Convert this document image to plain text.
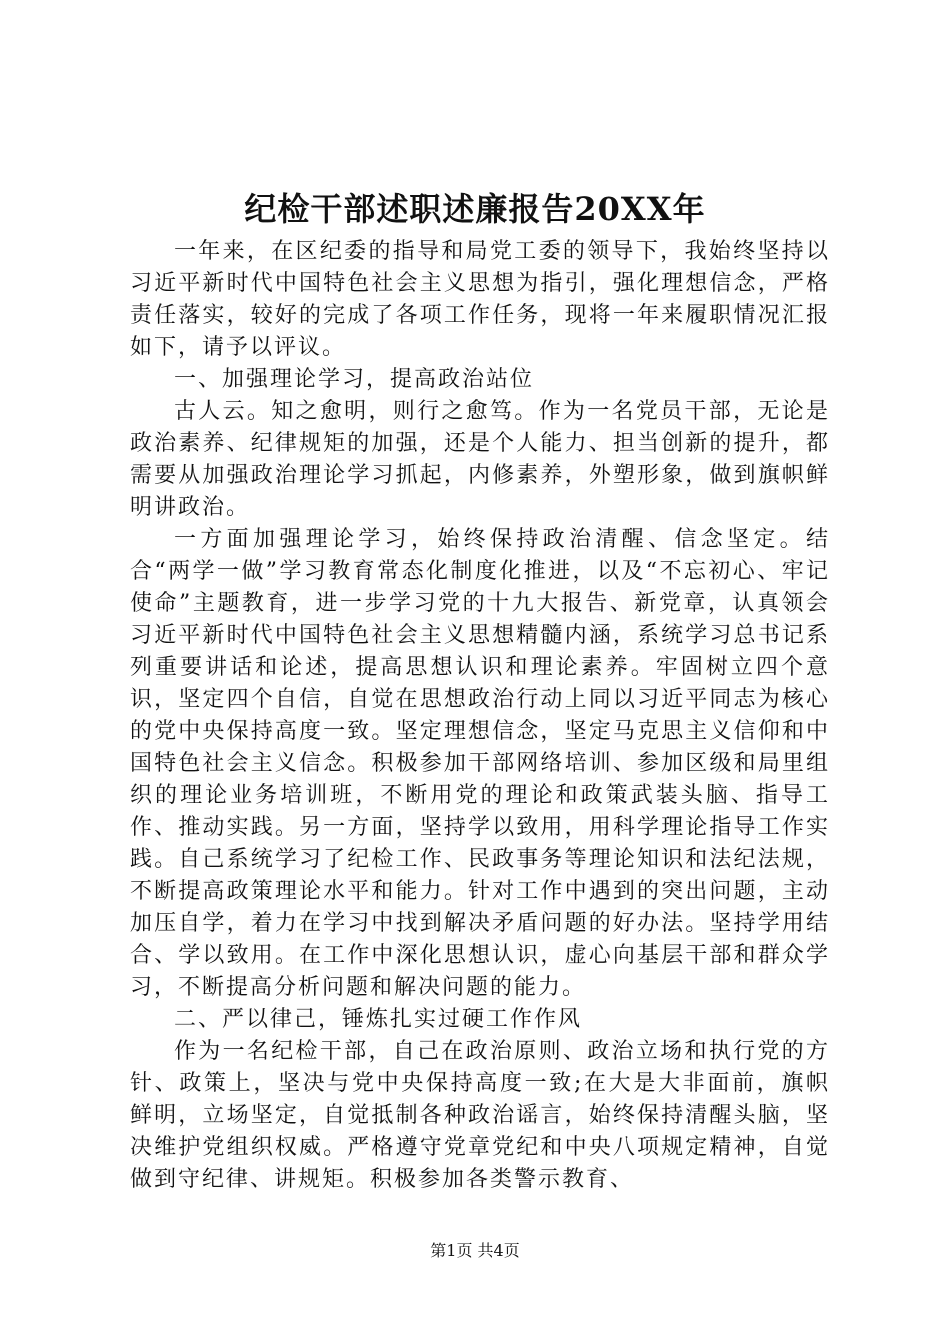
纪检干部述职述廉报告20XX年

一年来，在区纪委的指导和局党工委的领导下，我始终坚持以习近平新时代中国特色社会主义思想为指引，强化理想信念，严格责任落实，较好的完成了各项工作任务，现将一年来履职情况汇报如下，请予以评议。

一、加强理论学习，提高政治站位

古人云。知之愈明，则行之愈笃。作为一名党员干部，无论是政治素养、纪律规矩的加强，还是个人能力、担当创新的提升，都需要从加强政治理论学习抓起，内修素养，外塑形象，做到旗帜鲜明讲政治。

一方面加强理论学习，始终保持政治清醒、信念坚定。结合“两学一做”学习教育常态化制度化推进，以及“不忘初心、牢记使命”主题教育，进一步学习党的十九大报告、新党章，认真领会习近平新时代中国特色社会主义思想精髓内涵，系统学习总书记系列重要讲话和论述，提高思想认识和理论素养。牢固树立四个意识，坚定四个自信，自觉在思想政治行动上同以习近平同志为核心的党中央保持高度一致。坚定理想信念，坚定马克思主义信仰和中国特色社会主义信念。积极参加干部网络培训、参加区级和局里组织的理论业务培训班，不断用党的理论和政策武装头脑、指导工作、推动实践。另一方面，坚持学以致用，用科学理论指导工作实践。自己系统学习了纪检工作、民政事务等理论知识和法纪法规，不断提高政策理论水平和能力。针对工作中遇到的突出问题，主动加压自学，着力在学习中找到解决矛盾问题的好办法。坚持学用结合、学以致用。在工作中深化思想认识，虚心向基层干部和群众学习，不断提高分析问题和解决问题的能力。

二、严以律己，锤炼扎实过硬工作作风

作为一名纪检干部，自己在政治原则、政治立场和执行党的方针、政策上，坚决与党中央保持高度一致;在大是大非面前，旗帜鲜明，立场坚定，自觉抵制各种政治谣言，始终保持清醒头脑，坚决维护党组织权威。严格遵守党章党纪和中央八项规定精神，自觉做到守纪律、讲规矩。积极参加各类警示教育、

第1页 共4页
